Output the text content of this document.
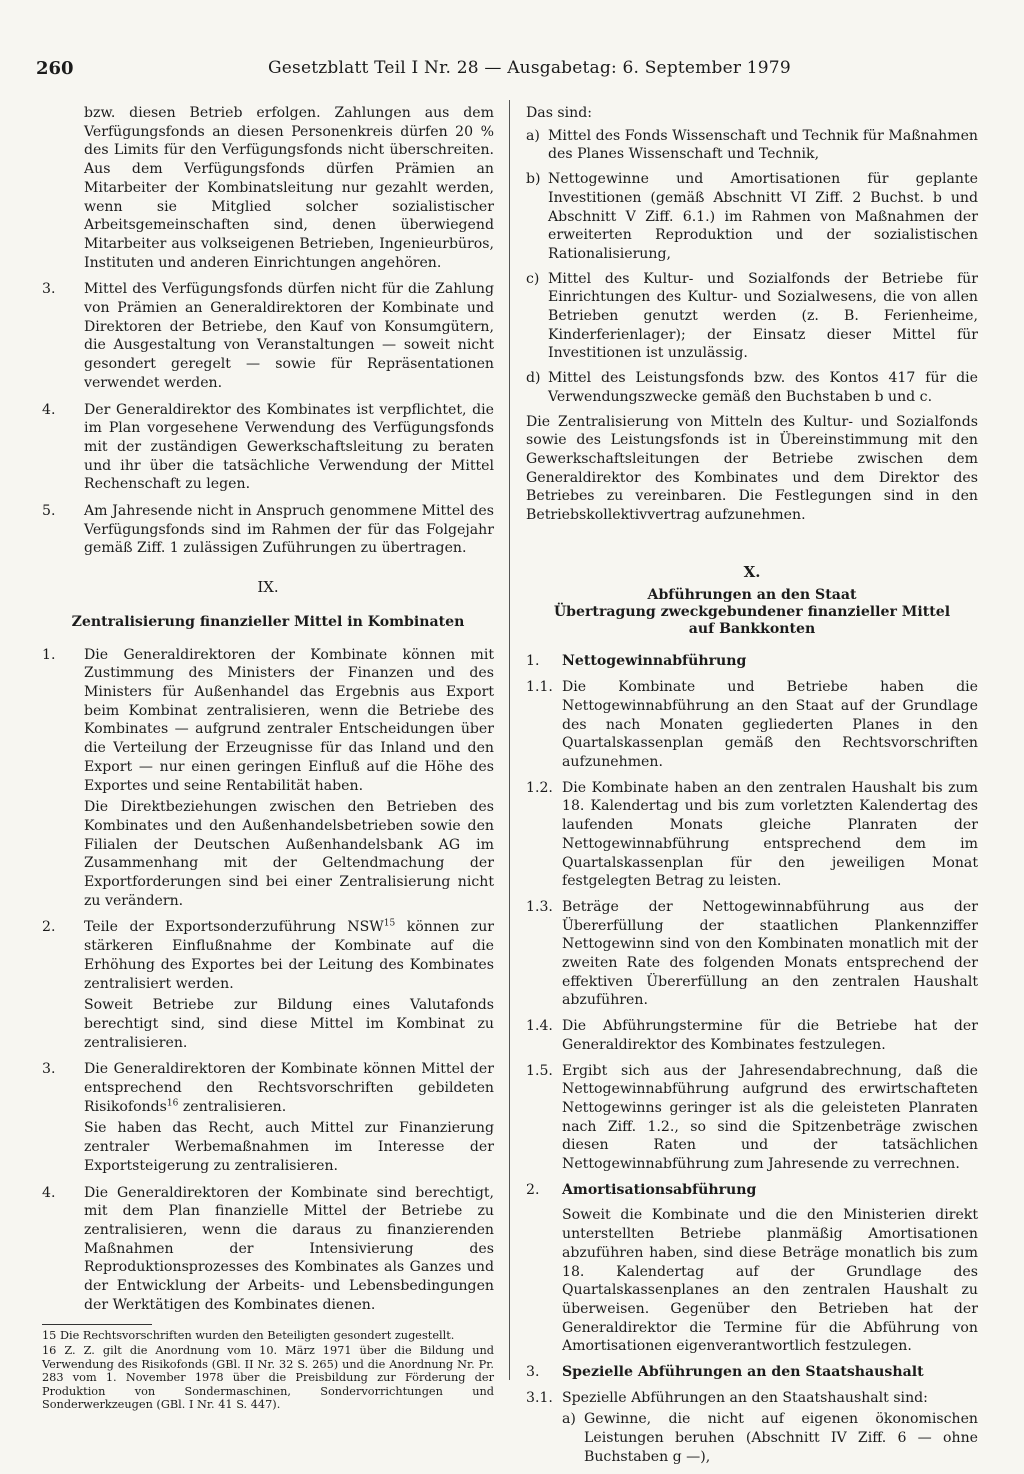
260	Gesetzblatt Teil I Nr. 28 — Ausgabetag: 6. September 1979
bzw. diesen Betrieb erfolgen. Zahlungen aus dem Verfügungsfonds an diesen Personenkreis dürfen 20 % des Limits für den Verfügungsfonds nicht überschreiten. Aus dem Verfügungsfonds dürfen Prämien an Mitarbeiter der Kombinatsleitung nur gezahlt werden, wenn sie Mitglied solcher sozialistischer Arbeitsgemeinschaften sind, denen überwiegend Mitarbeiter aus volkseigenen Betrieben, Ingenieurbüros, Instituten und anderen Einrichtungen angehören.
3.	Mittel des Verfügungsfonds dürfen nicht für die Zahlung von Prämien an Generaldirektoren der Kombinate und Direktoren der Betriebe, den Kauf von Konsumgütern, die Ausgestaltung von Veranstaltungen — soweit nicht gesondert geregelt — sowie für Repräsentationen verwendet werden.
4.	Der Generaldirektor des Kombinates ist verpflichtet, die im Plan vorgesehene Verwendung des Verfügungsfonds mit der zuständigen Gewerkschaftsleitung zu beraten und ihr über die tatsächliche Verwendung der Mittel Rechenschaft zu legen.
5.	Am Jahresende nicht in Anspruch genommene Mittel des Verfügungsfonds sind im Rahmen der für das Folgejahr gemäß Ziff. 1 zulässigen Zuführungen zu übertragen.
IX.
Zentralisierung finanzieller Mittel in Kombinaten
1.	Die Generaldirektoren der Kombinate können mit Zustimmung des Ministers der Finanzen und des Ministers für Außenhandel das Ergebnis aus Export beim Kombinat zentralisieren, wenn die Betriebe des Kombinates — aufgrund zentraler Entscheidungen über die Verteilung der Erzeugnisse für das Inland und den Export — nur einen geringen Einfluß auf die Höhe des Exportes und seine Rentabilität haben.
Die Direktbeziehungen zwischen den Betrieben des Kombinates und den Außenhandelsbetrieben sowie den Filialen der Deutschen Außenhandelsbank AG im Zusammenhang mit der Geltendmachung der Exportforderungen sind bei einer Zentralisierung nicht zu verändern.
2.	Teile der Exportsonderzuführung NSW$^{15}$ können zur stärkeren Einflußnahme der Kombinate auf die Erhöhung des Exportes bei der Leitung des Kombinates zentralisiert werden.
Soweit Betriebe zur Bildung eines Valutafonds berechtigt sind, sind diese Mittel im Kombinat zu zentralisieren.
3.	Die Generaldirektoren der Kombinate können Mittel der entsprechend den Rechtsvorschriften gebildeten Risikofonds$^{16}$ zentralisieren.
Sie haben das Recht, auch Mittel zur Finanzierung zentraler Werbemaßnahmen im Interesse der Exportsteigerung zu zentralisieren.
4.	Die Generaldirektoren der Kombinate sind berechtigt, mit dem Plan finanzielle Mittel der Betriebe zu zentralisieren, wenn die daraus zu finanzierenden Maßnahmen der Intensivierung des Reproduktionsprozesses des Kombinates als Ganzes und der Entwicklung der Arbeits- und Lebensbedingungen der Werktätigen des Kombinates dienen.
15 Die Rechtsvorschriften wurden den Beteiligten gesondert zugestellt.
16 Z. Z. gilt die Anordnung vom 10. März 1971 über die Bildung und Verwendung des Risikofonds (GBl. II Nr. 32 S. 265) und die Anordnung Nr. Pr. 283 vom 1. November 1978 über die Preisbildung zur Förderung der Produktion von Sondermaschinen, Sondervorrichtungen und Sonderwerkzeugen (GBl. I Nr. 41 S. 447).
Das sind:
a) Mittel des Fonds Wissenschaft und Technik für Maßnahmen des Planes Wissenschaft und Technik,
b) Nettogewinne und Amortisationen für geplante Investitionen (gemäß Abschnitt VI Ziff. 2 Buchst. b und Abschnitt V Ziff. 6.1.) im Rahmen von Maßnahmen der erweiterten Reproduktion und der sozialistischen Rationalisierung,
c) Mittel des Kultur- und Sozialfonds der Betriebe für Einrichtungen des Kultur- und Sozialwesens, die von allen Betrieben genutzt werden (z. B. Ferienheime, Kinderferienlager); der Einsatz dieser Mittel für Investitionen ist unzulässig.
d) Mittel des Leistungsfonds bzw. des Kontos 417 für die Verwendungszwecke gemäß den Buchstaben b und c.
Die Zentralisierung von Mitteln des Kultur- und Sozialfonds sowie des Leistungsfonds ist in Übereinstimmung mit den Gewerkschaftsleitungen der Betriebe zwischen dem Generaldirektor des Kombinates und dem Direktor des Betriebes zu vereinbaren. Die Festlegungen sind in den Betriebskollektivvertrag aufzunehmen.
X.
Abführungen an den Staat
Übertragung zweckgebundener finanzieller Mittel
auf Bankkonten
1.	Nettogewinnabführung
1.1. Die Kombinate und Betriebe haben die Nettogewinnabführung an den Staat auf der Grundlage des nach Monaten gegliederten Planes in den Quartalskassenplan gemäß den Rechtsvorschriften aufzunehmen.
1.2. Die Kombinate haben an den zentralen Haushalt bis zum 18. Kalendertag und bis zum vorletzten Kalendertag des laufenden Monats gleiche Planraten der Nettogewinnabführung entsprechend dem im Quartalskassenplan für den jeweiligen Monat festgelegten Betrag zu leisten.
1.3. Beträge der Nettogewinnabführung aus der Übererfüllung der staatlichen Plankennziffer Nettogewinn sind von den Kombinaten monatlich mit der zweiten Rate des folgenden Monats entsprechend der effektiven Übererfüllung an den zentralen Haushalt abzuführen.
1.4. Die Abführungstermine für die Betriebe hat der Generaldirektor des Kombinates festzulegen.
1.5. Ergibt sich aus der Jahresendabrechnung, daß die Nettogewinnabführung aufgrund des erwirtschafteten Nettogewinns geringer ist als die geleisteten Planraten nach Ziff. 1.2., so sind die Spitzenbeträge zwischen diesen Raten und der tatsächlichen Nettogewinnabführung zum Jahresende zu verrechnen.
2.	Amortisationsabführung
Soweit die Kombinate und die den Ministerien direkt unterstellten Betriebe planmäßig Amortisationen abzuführen haben, sind diese Beträge monatlich bis zum 18. Kalendertag auf der Grundlage des Quartalskassenplanes an den zentralen Haushalt zu überweisen. Gegenüber den Betrieben hat der Generaldirektor die Termine für die Abführung von Amortisationen eigenverantwortlich festzulegen.
3.	Spezielle Abführungen an den Staatshaushalt
3.1. Spezielle Abführungen an den Staatshaushalt sind:
a) Gewinne, die nicht auf eigenen ökonomischen Leistungen beruhen (Abschnitt IV Ziff. 6 — ohne Buchstaben g —),
